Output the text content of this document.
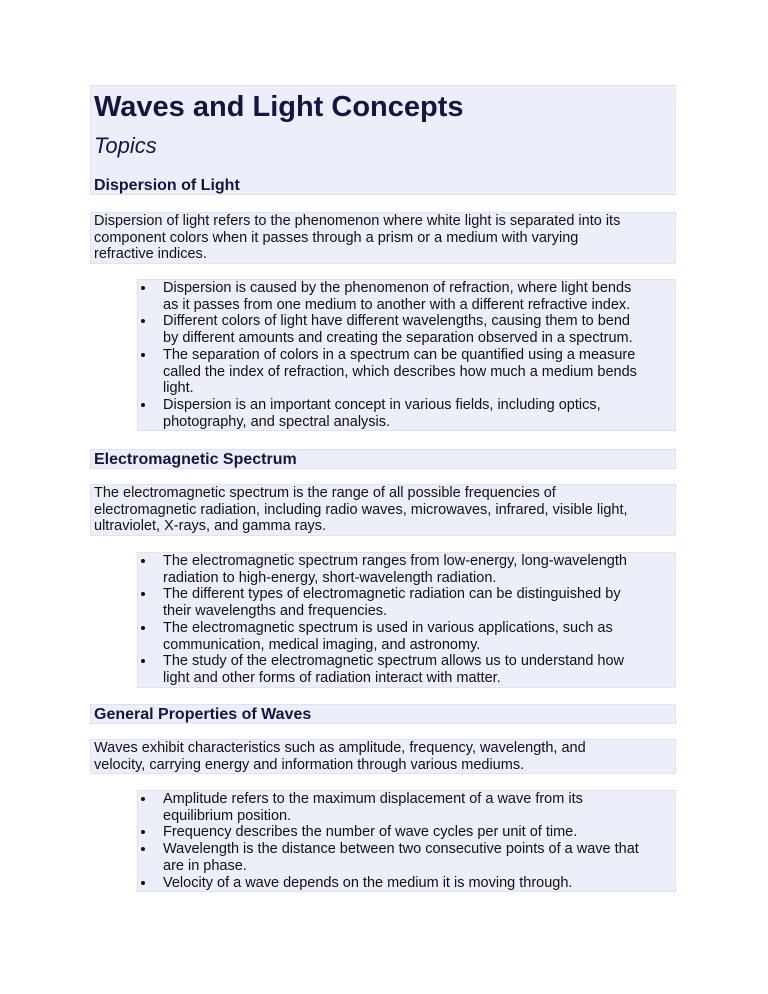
Waves and Light Concepts
Topics
Dispersion of Light
Dispersion of light refers to the phenomenon where white light is separated into its
component colors when it passes through a prism or a medium with varying
refractive indices.
Dispersion is caused by the phenomenon of refraction, where light bends
as it passes from one medium to another with a different refractive index.
Different colors of light have different wavelengths, causing them to bend
by different amounts and creating the separation observed in a spectrum.
The separation of colors in a spectrum can be quantified using a measure
called the index of refraction, which describes how much a medium bends
light.
Dispersion is an important concept in various fields, including optics,
photography, and spectral analysis.
Electromagnetic Spectrum
The electromagnetic spectrum is the range of all possible frequencies of
electromagnetic radiation, including radio waves, microwaves, infrared, visible light,
ultraviolet, X-rays, and gamma rays.
The electromagnetic spectrum ranges from low-energy, long-wavelength
radiation to high-energy, short-wavelength radiation.
The different types of electromagnetic radiation can be distinguished by
their wavelengths and frequencies.
The electromagnetic spectrum is used in various applications, such as
communication, medical imaging, and astronomy.
The study of the electromagnetic spectrum allows us to understand how
light and other forms of radiation interact with matter.
General Properties of Waves
Waves exhibit characteristics such as amplitude, frequency, wavelength, and
velocity, carrying energy and information through various mediums.
Amplitude refers to the maximum displacement of a wave from its
equilibrium position.
Frequency describes the number of wave cycles per unit of time.
Wavelength is the distance between two consecutive points of a wave that
are in phase.
Velocity of a wave depends on the medium it is moving through.
